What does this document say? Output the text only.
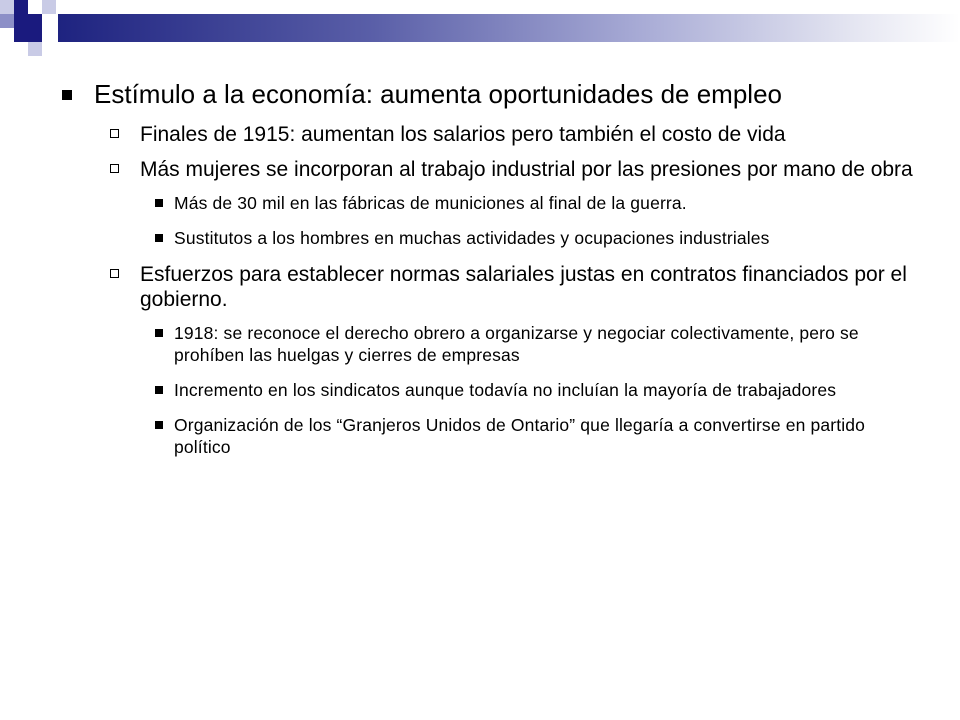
Estímulo a la economía: aumenta oportunidades de empleo
Finales de 1915: aumentan los salarios pero también el costo de vida
Más mujeres se incorporan al trabajo industrial por las presiones por mano de obra
Más de 30 mil en las fábricas de municiones al final de la guerra.
Sustitutos a los hombres en muchas actividades y ocupaciones industriales
Esfuerzos para establecer normas salariales justas en contratos financiados por el gobierno.
1918: se reconoce el derecho obrero a organizarse y negociar colectivamente, pero se prohíben las huelgas y cierres de empresas
Incremento en los sindicatos aunque todavía no incluían la mayoría de trabajadores
Organización de los “Granjeros Unidos de Ontario” que llegaría a convertirse en partido político
